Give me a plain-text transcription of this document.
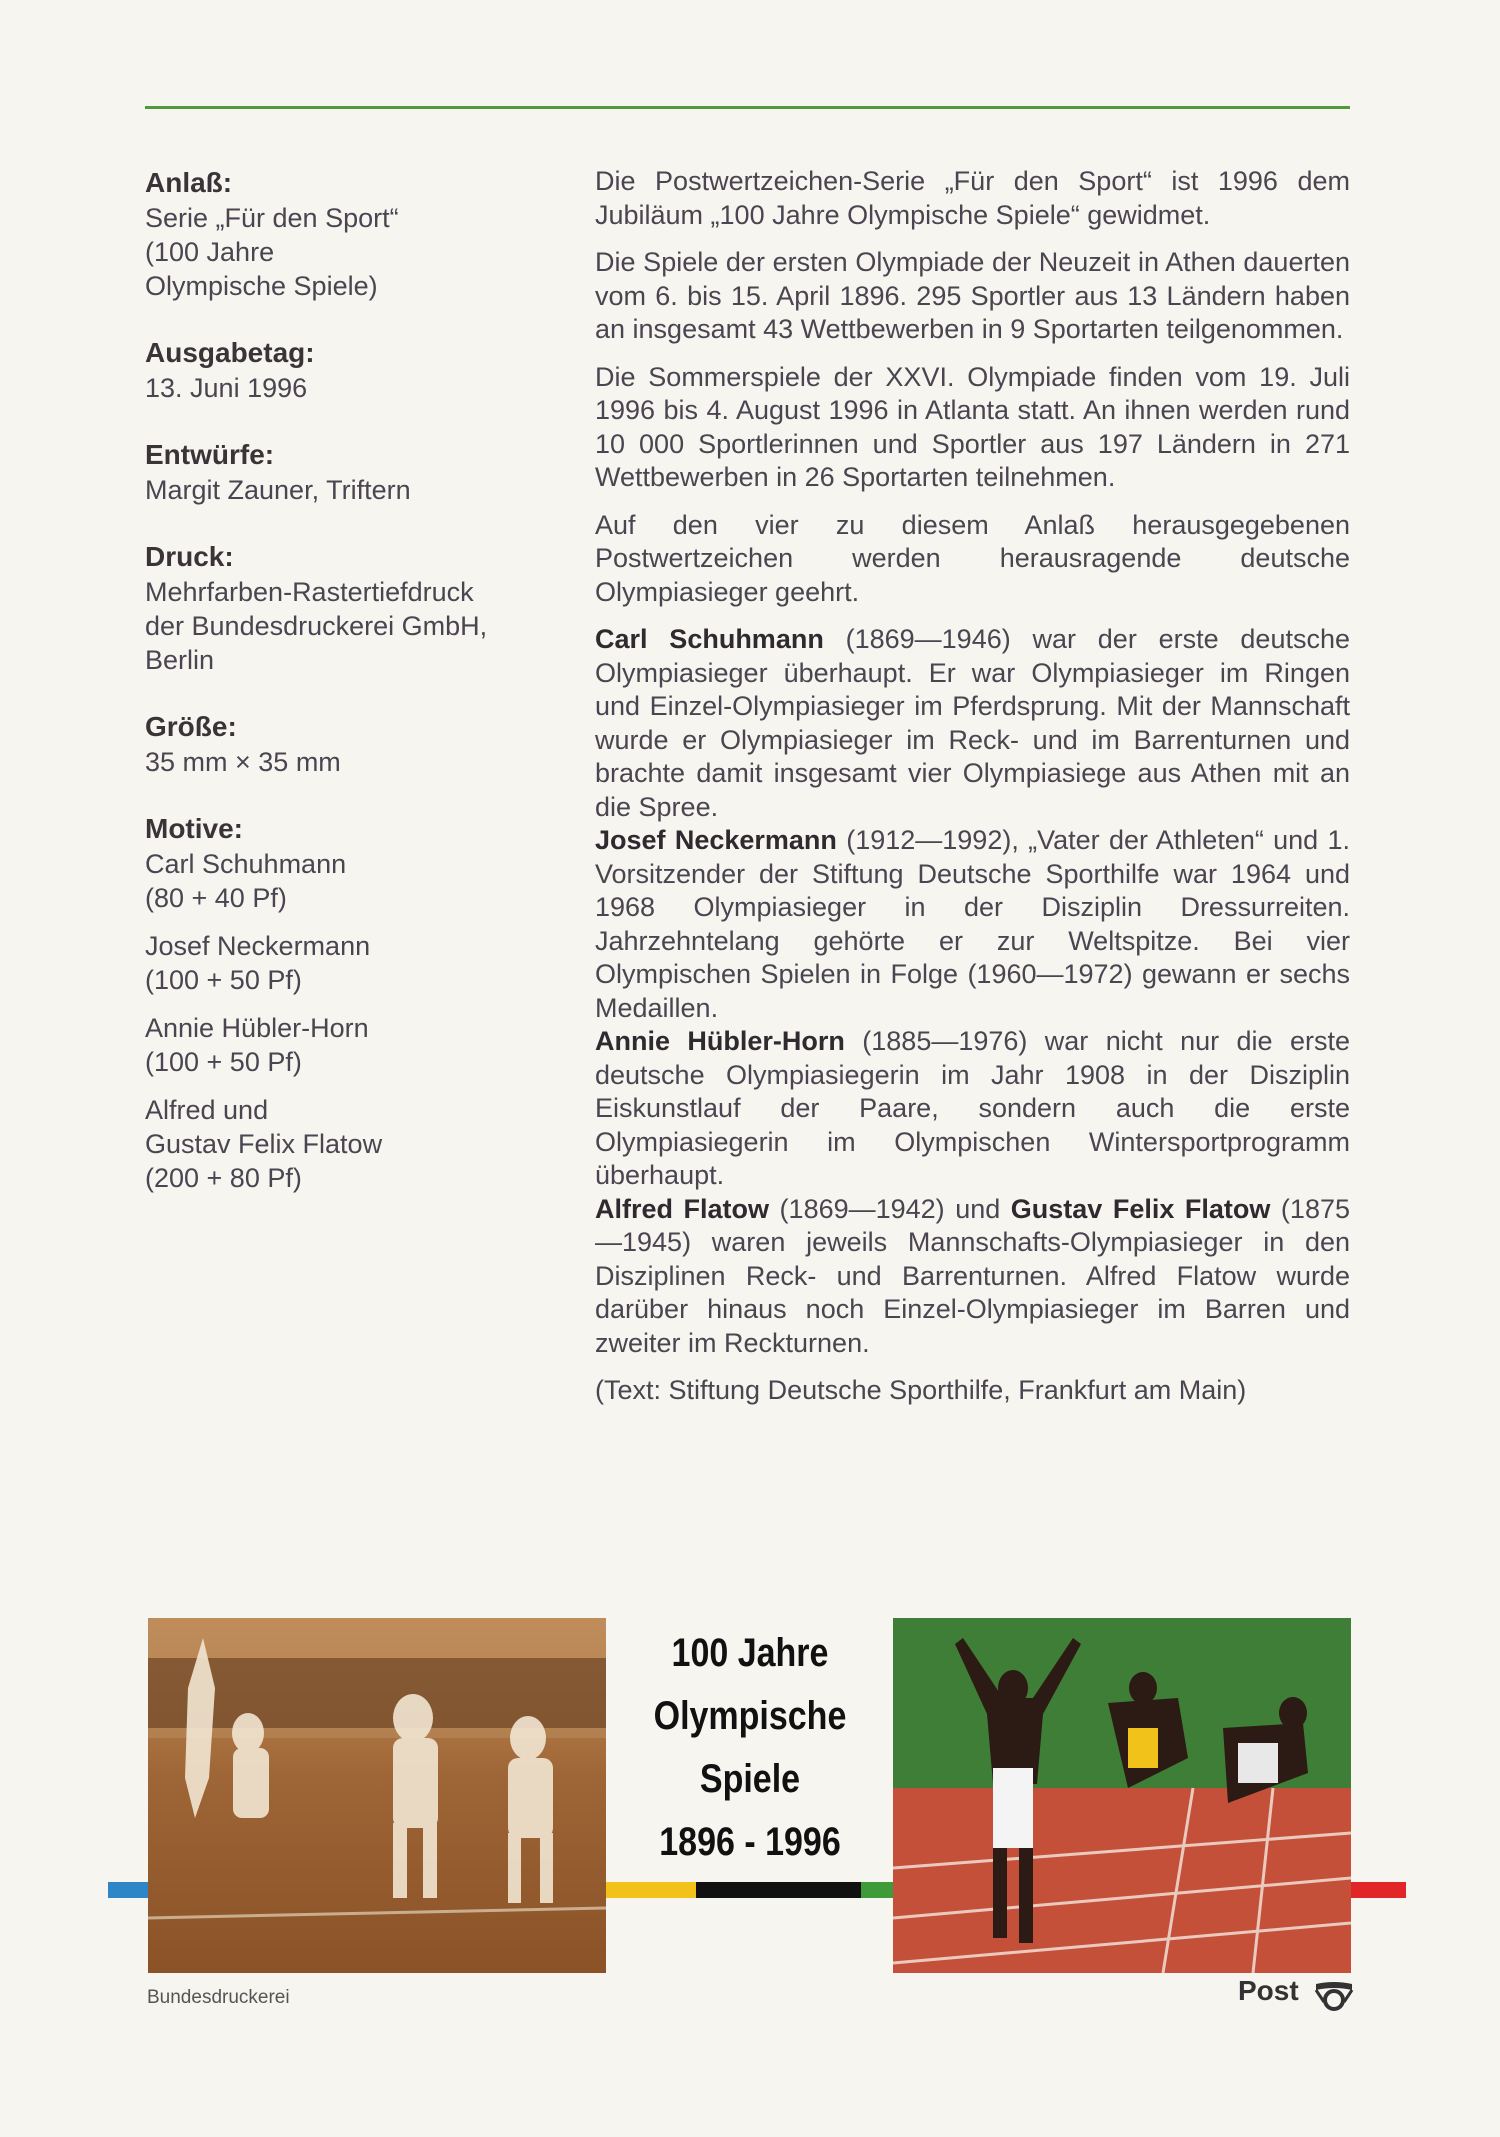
Anlaß:
Serie „Für den Sport“
(100 Jahre
Olympische Spiele)
Ausgabetag:
13. Juni 1996
Entwürfe:
Margit Zauner, Triftern
Druck:
Mehrfarben-Rastertiefdruck
der Bundesdruckerei GmbH,
Berlin
Größe:
35 mm × 35 mm
Motive:
Carl Schuhmann
(80 + 40 Pf)
Josef Neckermann
(100 + 50 Pf)
Annie Hübler-Horn
(100 + 50 Pf)
Alfred und
Gustav Felix Flatow
(200 + 80 Pf)

Die Postwertzeichen-Serie „Für den Sport“ ist 1996 dem Jubiläum „100 Jahre Olympische Spiele“ gewidmet.

Die Spiele der ersten Olympiade der Neuzeit in Athen dauerten vom 6. bis 15. April 1896. 295 Sportler aus 13 Ländern haben an insgesamt 43 Wettbewerben in 9 Sportarten teilgenommen.

Die Sommerspiele der XXVI. Olympiade finden vom 19. Juli 1996 bis 4. August 1996 in Atlanta statt. An ihnen werden rund 10 000 Sportlerinnen und Sportler aus 197 Ländern in 271 Wettbewerben in 26 Sportarten teilnehmen.

Auf den vier zu diesem Anlaß herausgegebenen Postwertzeichen werden herausragende deutsche Olympiasieger geehrt.

Carl Schuhmann (1869—1946) war der erste deutsche Olympiasieger überhaupt. Er war Olympiasieger im Ringen und Einzel-Olympiasieger im Pferdsprung. Mit der Mannschaft wurde er Olympiasieger im Reck- und im Barrenturnen und brachte damit insgesamt vier Olympiasiege aus Athen mit an die Spree.

Josef Neckermann (1912—1992), „Vater der Athleten“ und 1. Vorsitzender der Stiftung Deutsche Sporthilfe war 1964 und 1968 Olympiasieger in der Disziplin Dressurreiten. Jahrzehntelang gehörte er zur Weltspitze. Bei vier Olympischen Spielen in Folge (1960—1972) gewann er sechs Medaillen.

Annie Hübler-Horn (1885—1976) war nicht nur die erste deutsche Olympiasiegerin im Jahr 1908 in der Disziplin Eiskunstlauf der Paare, sondern auch die erste Olympiasiegerin im Olympischen Wintersportprogramm überhaupt.

Alfred Flatow (1869—1942) und Gustav Felix Flatow (1875—1945) waren jeweils Mannschafts-Olympiasieger in den Disziplinen Reck- und Barrenturnen. Alfred Flatow wurde darüber hinaus noch Einzel-Olympiasieger im Barren und zweiter im Reckturnen.

(Text: Stiftung Deutsche Sporthilfe, Frankfurt am Main)

100 Jahre
Olympische
Spiele
1896 - 1996
Bundesdruckerei	Post
